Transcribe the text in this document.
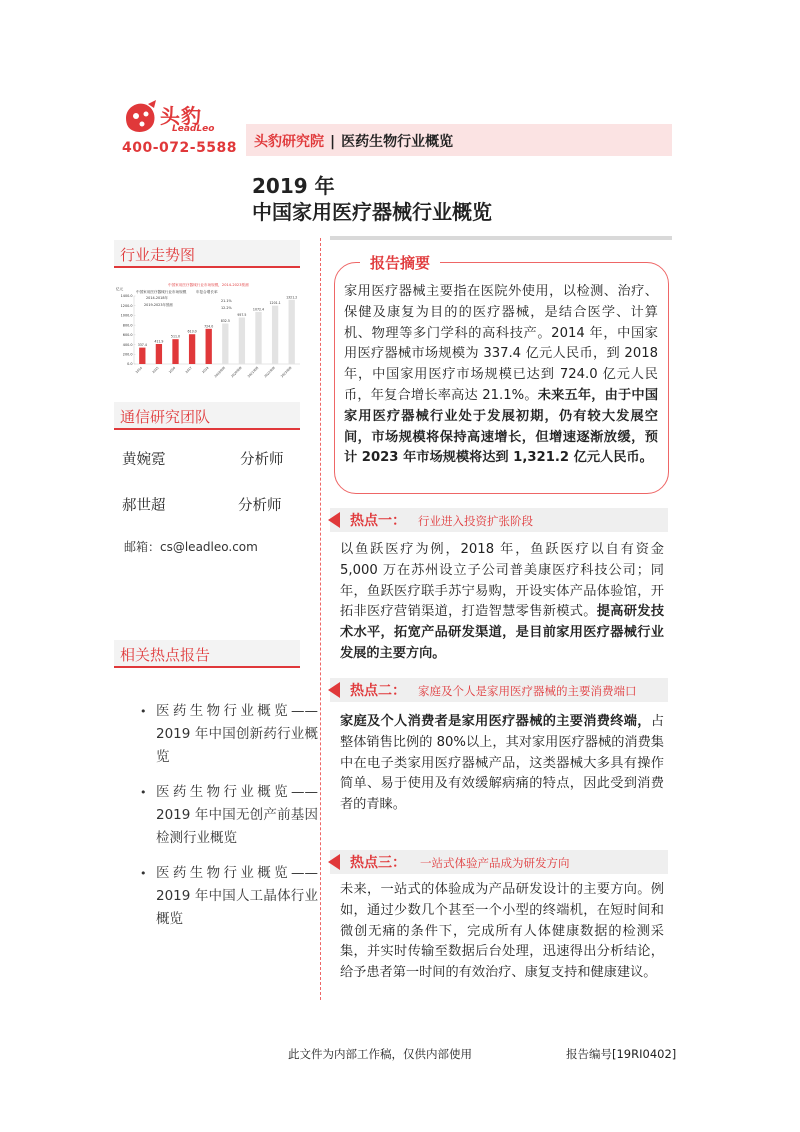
头豹
LeadLeo
400-072-5588 头豹研究院 | 医药生物行业概览
2019 年
中国家用医疗器械行业概览
行业走势图
中国家用医疗器械行业市场规模，2014-2023预测
中国家用医疗器械行业市场规模	年复合增长率
2014-2018年
2019-2023年预测
21.1%
12.2%
亿元
0.0
200.0
400.0
600.0
800.0
1000.0
1200.0
1400.0
337.4
2014
411.9
2015
511.0
2016
613.0
2017
724.0
2018
832.5
2019预测
957.5
2020预测
1072.4
2021预测
1201.1
2022预测
1321.2
2023预测
通信研究团队
黄婉霓	分析师
郝世超	分析师
邮箱：cs@leadleo.com
相关热点报告
• 医药生物行业概览——2019 年中国创新药行业概览
• 医药生物行业概览——2019 年中国无创产前基因检测行业概览
• 医药生物行业概览——2019 年中国人工晶体行业概览
报告摘要
家用医疗器械主要指在医院外使用，以检测、治疗、保健及康复为目的的医疗器械，是结合医学、计算机、物理等多门学科的高科技产。2014 年，中国家用医疗器械市场规模为 337.4 亿元人民币，到 2018 年，中国家用医疗市场规模已达到 724.0 亿元人民币，年复合增长率高达 21.1%。未来五年，由于中国家用医疗器械行业处于发展初期，仍有较大发展空间，市场规模将保持高速增长，但增速逐渐放缓，预计 2023 年市场规模将达到 1,321.2 亿元人民币。
热点一： 行业进入投资扩张阶段
以鱼跃医疗为例，2018 年，鱼跃医疗以自有资金 5,000 万在苏州设立子公司普美康医疗科技公司；同年，鱼跃医疗联手苏宁易购，开设实体产品体验馆，开拓非医疗营销渠道，打造智慧零售新模式。提高研发技术水平，拓宽产品研发渠道，是目前家用医疗器械行业发展的主要方向。
热点二： 家庭及个人是家用医疗器械的主要消费端口
家庭及个人消费者是家用医疗器械的主要消费终端，占整体销售比例的 80%以上，其对家用医疗器械的消费集中在电子类家用医疗器械产品，这类器械大多具有操作简单、易于使用及有效缓解病痛的特点，因此受到消费者的青睐。
热点三： 一站式体验产品成为研发方向
未来，一站式的体验成为产品研发设计的主要方向。例如，通过少数几个甚至一个小型的终端机，在短时间和微创无痛的条件下，完成所有人体健康数据的检测采集，并实时传输至数据后台处理，迅速得出分析结论，给予患者第一时间的有效治疗、康复支持和健康建议。
此文件为内部工作稿，仅供内部使用	报告编号[19RI0402]
